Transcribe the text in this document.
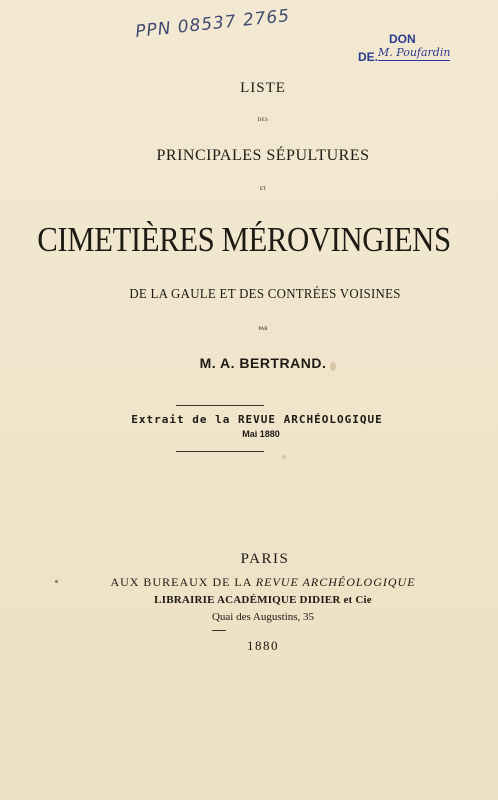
PPN 08537 2765	DON
DE. M. Poufardin
LISTE
DES
PRINCIPALES SÉPULTURES
ET
CIMETIÈRES MÉROVINGIENS
DE LA GAULE ET DES CONTRÉES VOISINES
PAR
M. A. BERTRAND.
Extrait de la REVUE ARCHÉOLOGIQUE
Mai 1880
PARIS
AUX BUREAUX DE LA REVUE ARCHÉOLOGIQUE
LIBRAIRIE ACADÉMIQUE DIDIER et Cie
Quai des Augustins, 35
1880
